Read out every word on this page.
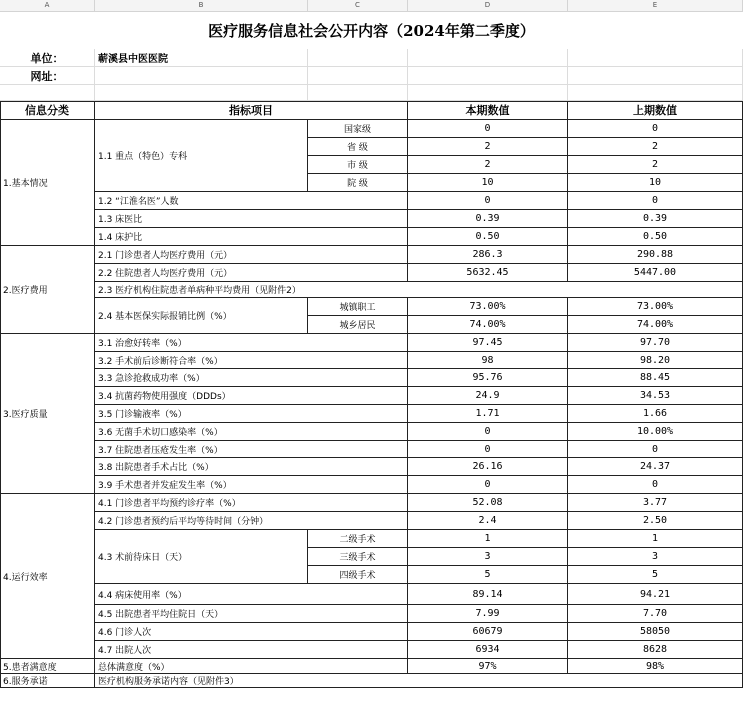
A	B	C	D	E
医疗服务信息社会公开内容（2024年第二季度）
单位：	蕲溪县中医医院
网址：
信息分类	指标项目	本期数值	上期数值
1.基本情况
1.1 重点（特色）专科
国家级	0	0
省 级	2	2
市 级	2	2
院 级	10	10
1.2 “江淮名医”人数	0	0
1.3 床医比	0.39	0.39
1.4 床护比	0.50	0.50
2.医疗费用
2.1 门诊患者人均医疗费用（元）	286.3	290.88
2.2 住院患者人均医疗费用（元）	5632.45	5447.00
2.3 医疗机构住院患者单病种平均费用（见附件2）
2.4 基本医保实际报销比例（%）
城镇职工	73.00%	73.00%
城乡居民	74.00%	74.00%
3.医疗质量
3.1 治愈好转率（%）	97.45	97.70
3.2 手术前后诊断符合率（%）	98	98.20
3.3 急诊抢救成功率（%）	95.76	88.45
3.4 抗菌药物使用强度（DDDs）	24.9	34.53
3.5 门诊输液率（%）	1.71	1.66
3.6 无菌手术切口感染率（%）	0	10.00%
3.7 住院患者压疮发生率（%）	0	0
3.8 出院患者手术占比（%）	26.16	24.37
3.9 手术患者并发症发生率（%）	0	0
4.运行效率
4.1 门诊患者平均预约诊疗率（%）	52.08	3.77
4.2 门诊患者预约后平均等待时间（分钟）	2.4	2.50
4.3 术前待床日（天）
二级手术	1	1
三级手术	3	3
四级手术	5	5
4.4 病床使用率（%）	89.14	94.21
4.5 出院患者平均住院日（天）	7.99	7.70
4.6 门诊人次	60679	58050
4.7 出院人次	6934	8628
5.患者满意度	总体满意度（%）	97%	98%
6.服务承诺	医疗机构服务承诺内容（见附件3）
